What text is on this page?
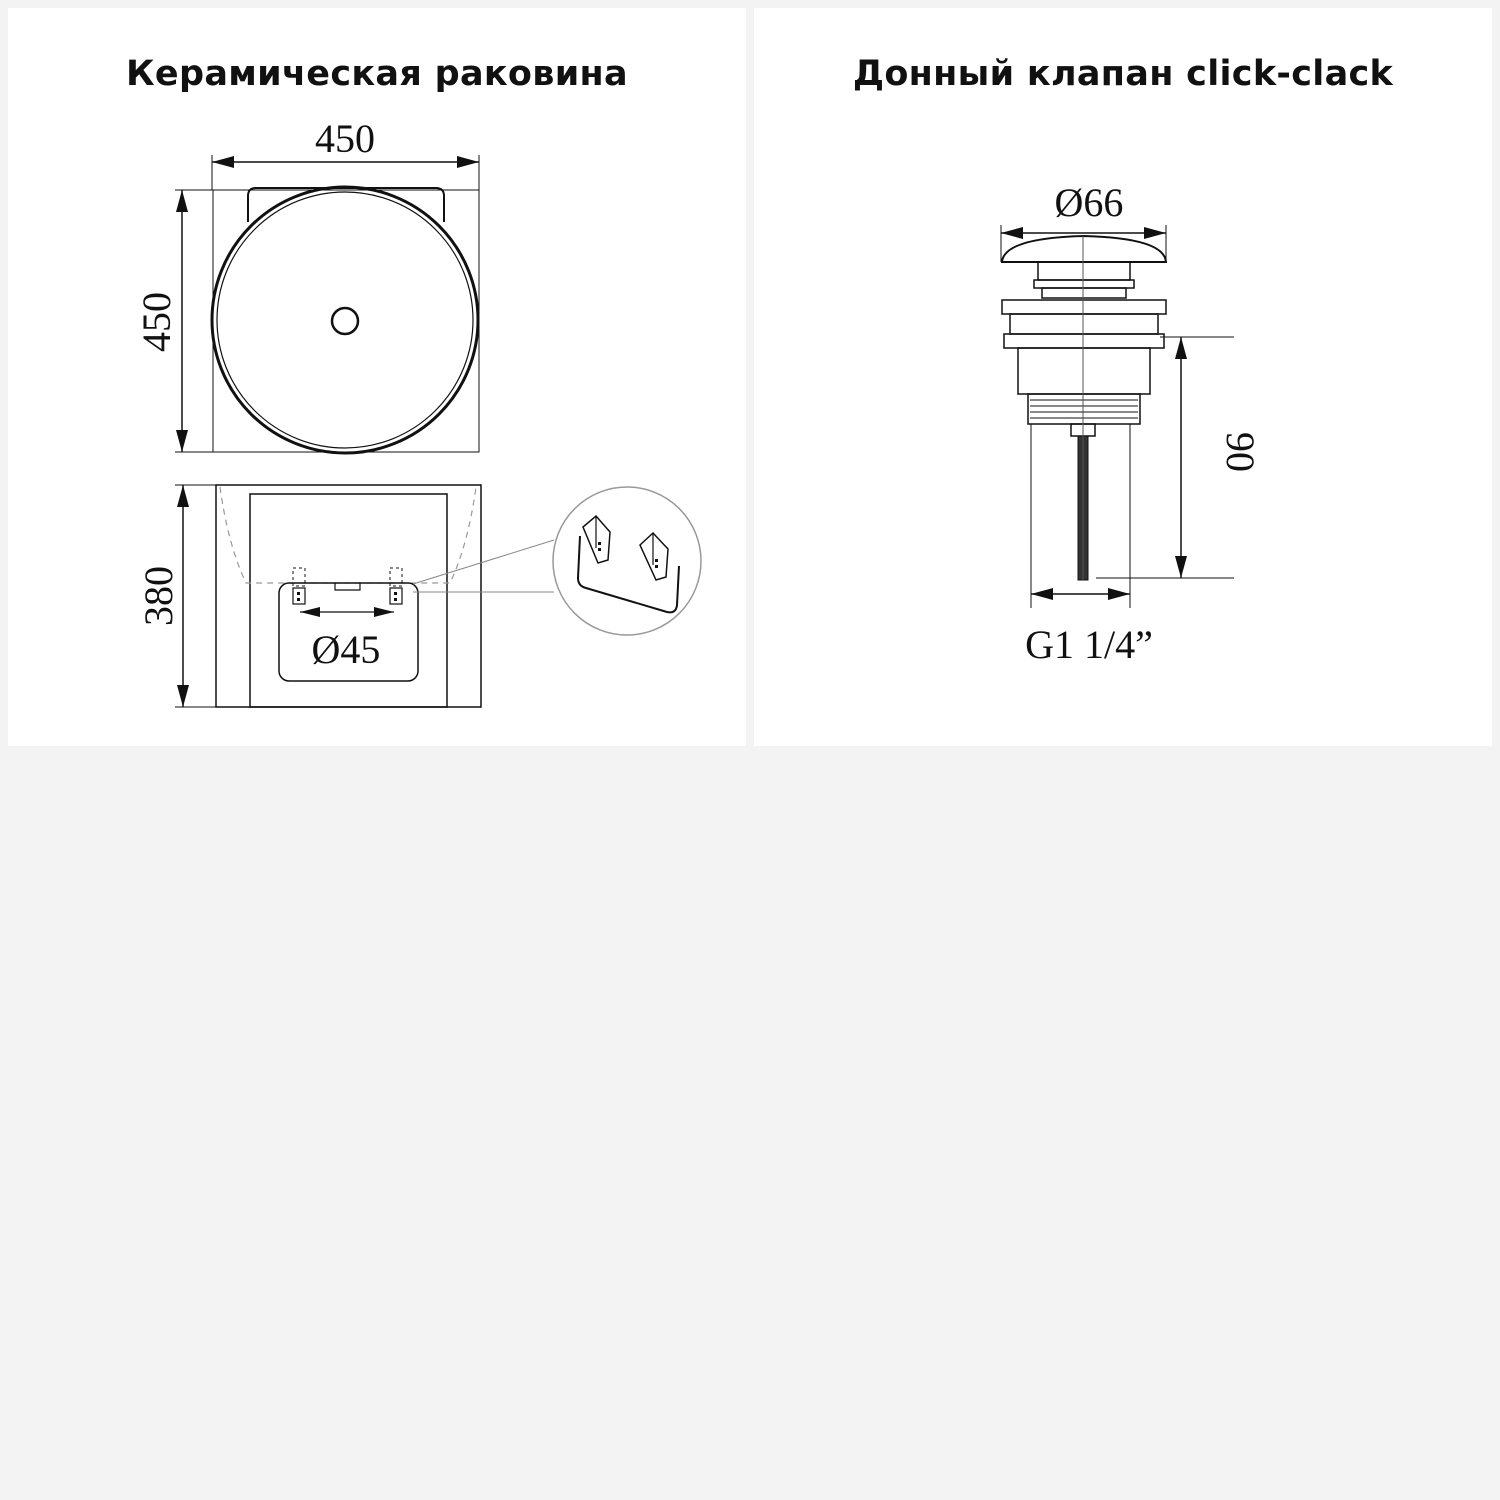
Керамическая раковина
450
450
Ø45
380
Донный клапан click-clack
Ø66
G1 1/4”
90
